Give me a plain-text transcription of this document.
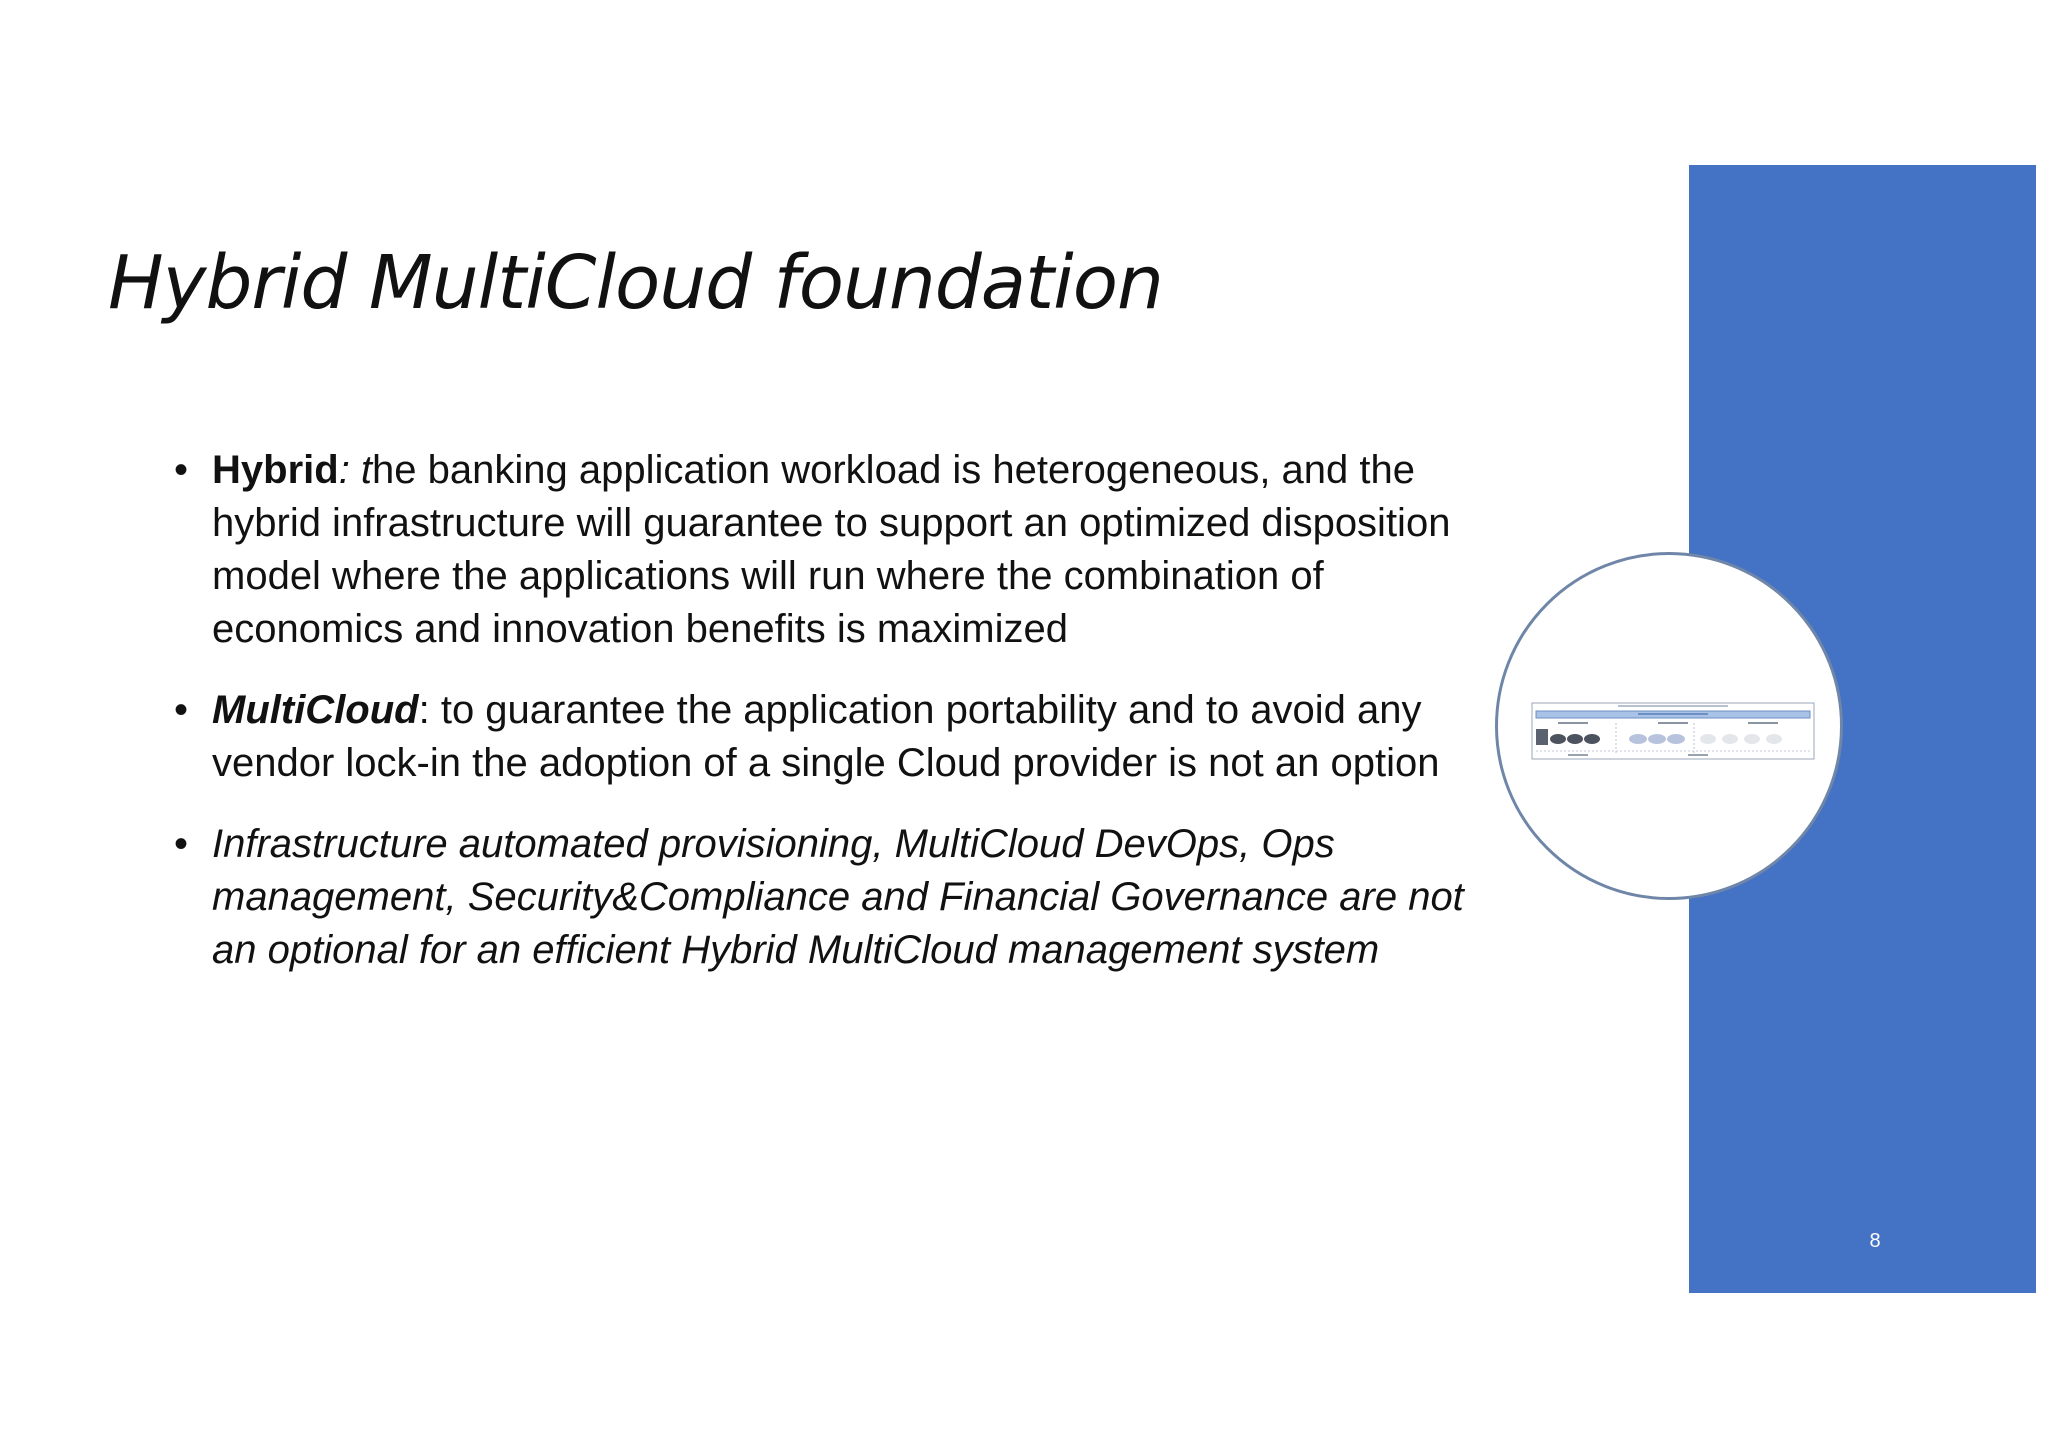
Hybrid MultiCloud foundation
• Hybrid: the banking application workload is heterogeneous, and the hybrid infrastructure will guarantee to support an optimized disposition model where the applications will run where the combination of economics and innovation benefits is maximized
• MultiCloud: to guarantee the application portability and to avoid any vendor lock-in the adoption of a single Cloud provider is not an option
• Infrastructure automated provisioning, MultiCloud DevOps, Ops management, Security&Compliance and Financial Governance are not an optional for an efficient Hybrid MultiCloud management system
8
